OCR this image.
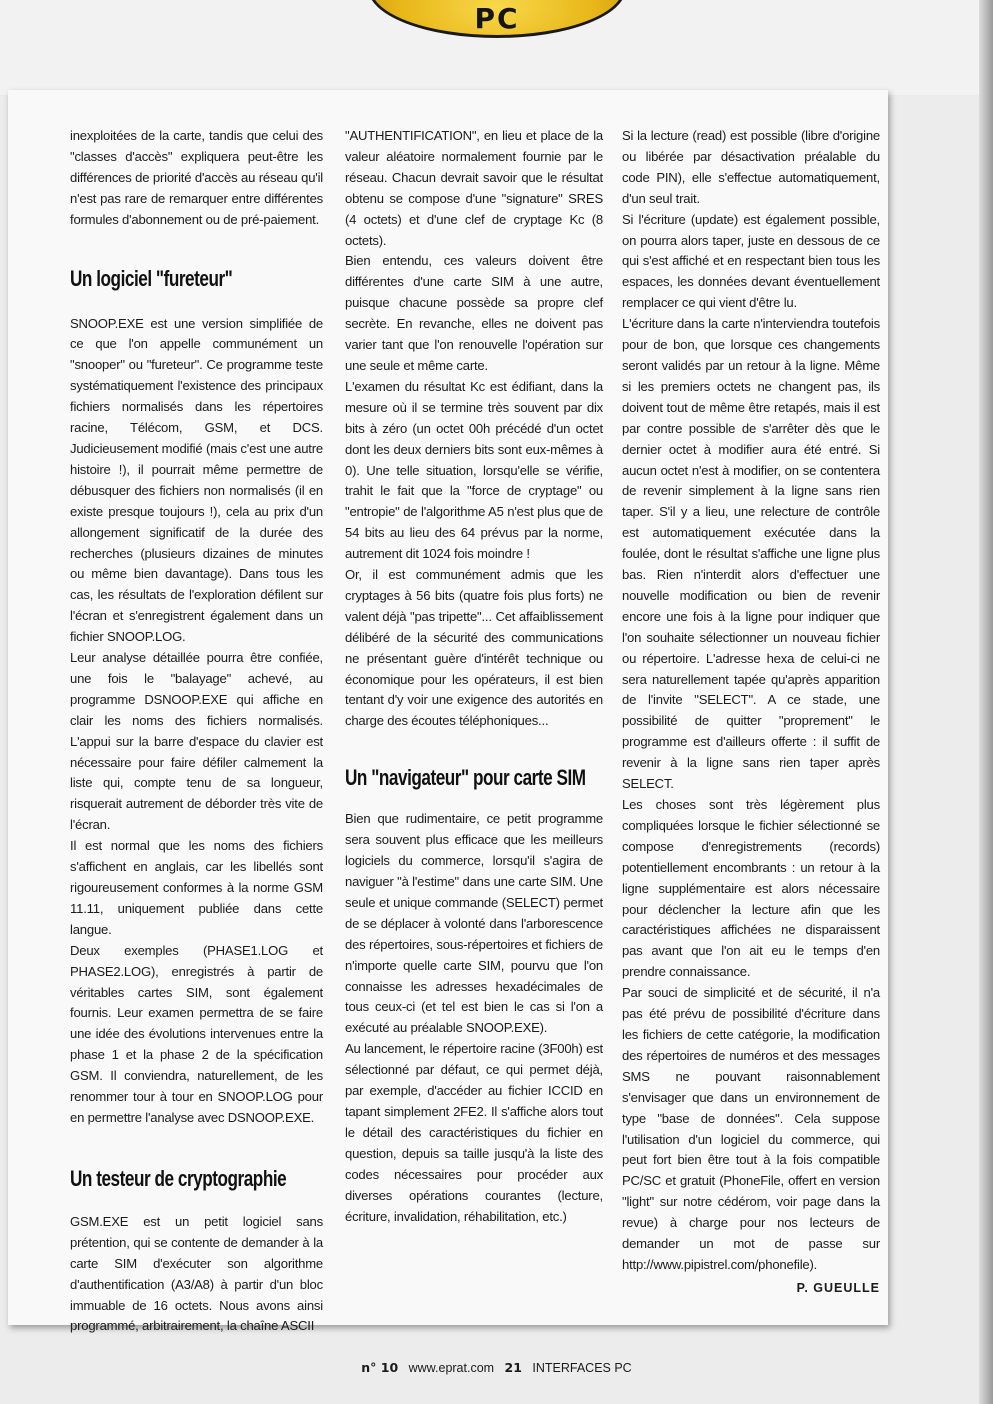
PC

inexploitées de la carte, tandis que celui des "classes d'accès" expliquera peut-être les différences de priorité d'accès au réseau qu'il n'est pas rare de remarquer entre différentes formules d'abonnement ou de pré-paiement.

Un logiciel "fureteur"

SNOOP.EXE est une version simplifiée de ce que l'on appelle communément un "snooper" ou "fureteur". Ce programme teste systématiquement l'existence des principaux fichiers normalisés dans les répertoires racine, Télécom, GSM, et DCS. Judicieusement modifié (mais c'est une autre histoire !), il pourrait même permettre de débusquer des fichiers non normalisés (il en existe presque toujours !), cela au prix d'un allongement significatif de la durée des recherches (plusieurs dizaines de minutes ou même bien davantage). Dans tous les cas, les résultats de l'exploration défilent sur l'écran et s'enregistrent également dans un fichier SNOOP.LOG.

Leur analyse détaillée pourra être confiée, une fois le "balayage" achevé, au programme DSNOOP.EXE qui affiche en clair les noms des fichiers normalisés. L'appui sur la barre d'espace du clavier est nécessaire pour faire défiler calmement la liste qui, compte tenu de sa longueur, risquerait autrement de déborder très vite de l'écran.

Il est normal que les noms des fichiers s'affichent en anglais, car les libellés sont rigoureusement conformes à la norme GSM 11.11, uniquement publiée dans cette langue.

Deux exemples (PHASE1.LOG et PHASE2.LOG), enregistrés à partir de véritables cartes SIM, sont également fournis. Leur examen permettra de se faire une idée des évolutions intervenues entre la phase 1 et la phase 2 de la spécification GSM. Il conviendra, naturellement, de les renommer tour à tour en SNOOP.LOG pour en permettre l'analyse avec DSNOOP.EXE.

Un testeur de cryptographie

GSM.EXE est un petit logiciel sans prétention, qui se contente de demander à la carte SIM d'exécuter son algorithme d'authentification (A3/A8) à partir d'un bloc immuable de 16 octets. Nous avons ainsi programmé, arbitrairement, la chaîne ASCII

"AUTHENTIFICATION", en lieu et place de la valeur aléatoire normalement fournie par le réseau. Chacun devrait savoir que le résultat obtenu se compose d'une "signature" SRES (4 octets) et d'une clef de cryptage Kc (8 octets).

Bien entendu, ces valeurs doivent être différentes d'une carte SIM à une autre, puisque chacune possède sa propre clef secrète. En revanche, elles ne doivent pas varier tant que l'on renouvelle l'opération sur une seule et même carte.

L'examen du résultat Kc est édifiant, dans la mesure où il se termine très souvent par dix bits à zéro (un octet 00h précédé d'un octet dont les deux derniers bits sont eux-mêmes à 0). Une telle situation, lorsqu'elle se vérifie, trahit le fait que la "force de cryptage" ou "entropie" de l'algorithme A5 n'est plus que de 54 bits au lieu des 64 prévus par la norme, autrement dit 1024 fois moindre !

Or, il est communément admis que les cryptages à 56 bits (quatre fois plus forts) ne valent déjà "pas tripette"... Cet affaiblissement délibéré de la sécurité des communications ne présentant guère d'intérêt technique ou économique pour les opérateurs, il est bien tentant d'y voir une exigence des autorités en charge des écoutes téléphoniques...

Un "navigateur" pour carte SIM

Bien que rudimentaire, ce petit programme sera souvent plus efficace que les meilleurs logiciels du commerce, lorsqu'il s'agira de naviguer "à l'estime" dans une carte SIM. Une seule et unique commande (SELECT) permet de se déplacer à volonté dans l'arborescence des répertoires, sous-répertoires et fichiers de n'importe quelle carte SIM, pourvu que l'on connaisse les adresses hexadécimales de tous ceux-ci (et tel est bien le cas si l'on a exécuté au préalable SNOOP.EXE).

Au lancement, le répertoire racine (3F00h) est sélectionné par défaut, ce qui permet déjà, par exemple, d'accéder au fichier ICCID en tapant simplement 2FE2. Il s'affiche alors tout le détail des caractéristiques du fichier en question, depuis sa taille jusqu'à la liste des codes nécessaires pour procéder aux diverses opérations courantes (lecture, écriture, invalidation, réhabilitation, etc.)

Si la lecture (read) est possible (libre d'origine ou libérée par désactivation préalable du code PIN), elle s'effectue automatiquement, d'un seul trait.

Si l'écriture (update) est également possible, on pourra alors taper, juste en dessous de ce qui s'est affiché et en respectant bien tous les espaces, les données devant éventuellement remplacer ce qui vient d'être lu.

L'écriture dans la carte n'interviendra toutefois pour de bon, que lorsque ces changements seront validés par un retour à la ligne. Même si les premiers octets ne changent pas, ils doivent tout de même être retapés, mais il est par contre possible de s'arrêter dès que le dernier octet à modifier aura été entré. Si aucun octet n'est à modifier, on se contentera de revenir simplement à la ligne sans rien taper. S'il y a lieu, une relecture de contrôle est automatiquement exécutée dans la foulée, dont le résultat s'affiche une ligne plus bas. Rien n'interdit alors d'effectuer une nouvelle modification ou bien de revenir encore une fois à la ligne pour indiquer que l'on souhaite sélectionner un nouveau fichier ou répertoire. L'adresse hexa de celui-ci ne sera naturellement tapée qu'après apparition de l'invite "SELECT". A ce stade, une possibilité de quitter "proprement" le programme est d'ailleurs offerte : il suffit de revenir à la ligne sans rien taper après SELECT.

Les choses sont très légèrement plus compliquées lorsque le fichier sélectionné se compose d'enregistrements (records) potentiellement encombrants : un retour à la ligne supplémentaire est alors nécessaire pour déclencher la lecture afin que les caractéristiques affichées ne disparaissent pas avant que l'on ait eu le temps d'en prendre connaissance.

Par souci de simplicité et de sécurité, il n'a pas été prévu de possibilité d'écriture dans les fichiers de cette catégorie, la modification des répertoires de numéros et des messages SMS ne pouvant raisonnablement s'envisager que dans un environnement de type "base de données". Cela suppose l'utilisation d'un logiciel du commerce, qui peut fort bien être tout à la fois compatible PC/SC et gratuit (PhoneFile, offert en version "light" sur notre cédérom, voir page dans la revue) à charge pour nos lecteurs de demander un mot de passe sur http://www.pipistrel.com/phonefile).

P. GUEULLE
n° 10 www.eprat.com 21 INTERFACES PC
